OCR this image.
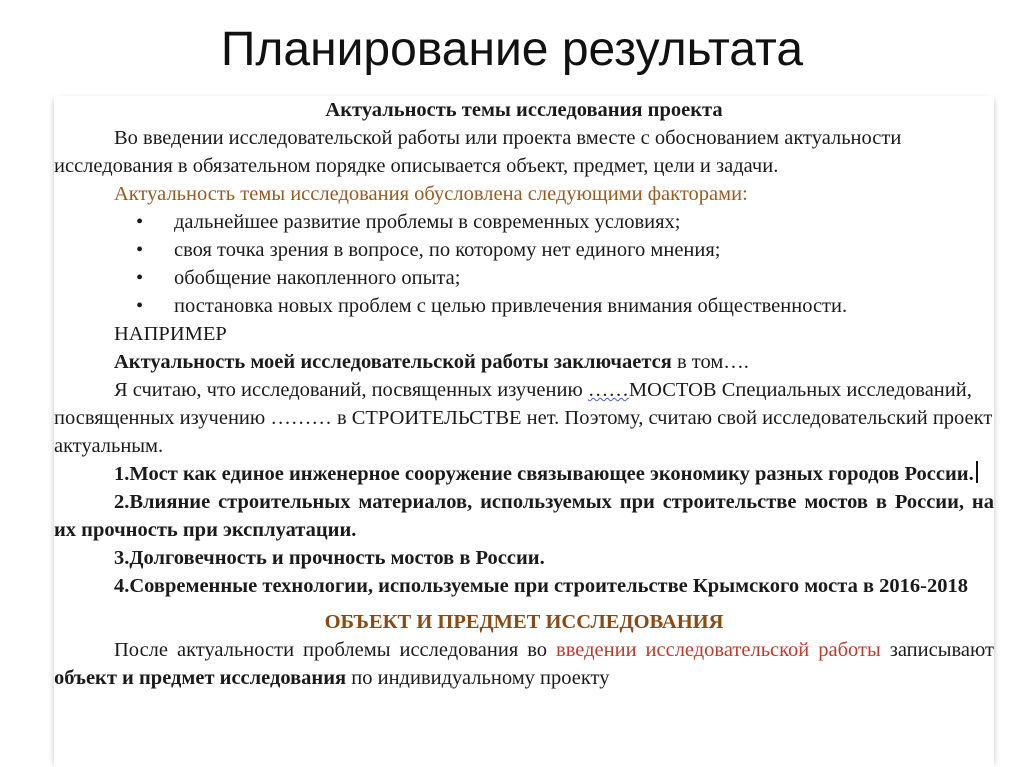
Планирование результата

Актуальность темы исследования проекта

Во введении исследовательской работы или проекта вместе с обоснованием актуальности исследования в обязательном порядке описывается объект, предмет, цели и задачи.

Актуальность темы исследования обусловлена следующими факторами:

• дальнейшее развитие проблемы в современных условиях;
• своя точка зрения в вопросе, по которому нет единого мнения;
• обобщение накопленного опыта;
• постановка новых проблем с целью привлечения внимания общественности.

НАПРИМЕР

Актуальность моей исследовательской работы заключается в том….

Я считаю, что исследований, посвященных изучению ……МОСТОВ Специальных исследований, посвященных изучению ……… в СТРОИТЕЛЬСТВЕ нет. Поэтому, считаю свой исследовательский проект актуальным.

1.Мост как единое инженерное сооружение связывающее экономику разных городов России.

2.Влияние строительных материалов, используемых при строительстве мостов в России, на их прочность при эксплуатации.

3.Долговечность и прочность мостов в России.

4.Современные технологии, используемые при строительстве Крымского моста в 2016-2018

ОБЪЕКТ И ПРЕДМЕТ ИССЛЕДОВАНИЯ

После актуальности проблемы исследования во введении исследовательской работы записывают объект и предмет исследования по индивидуальному проекту
